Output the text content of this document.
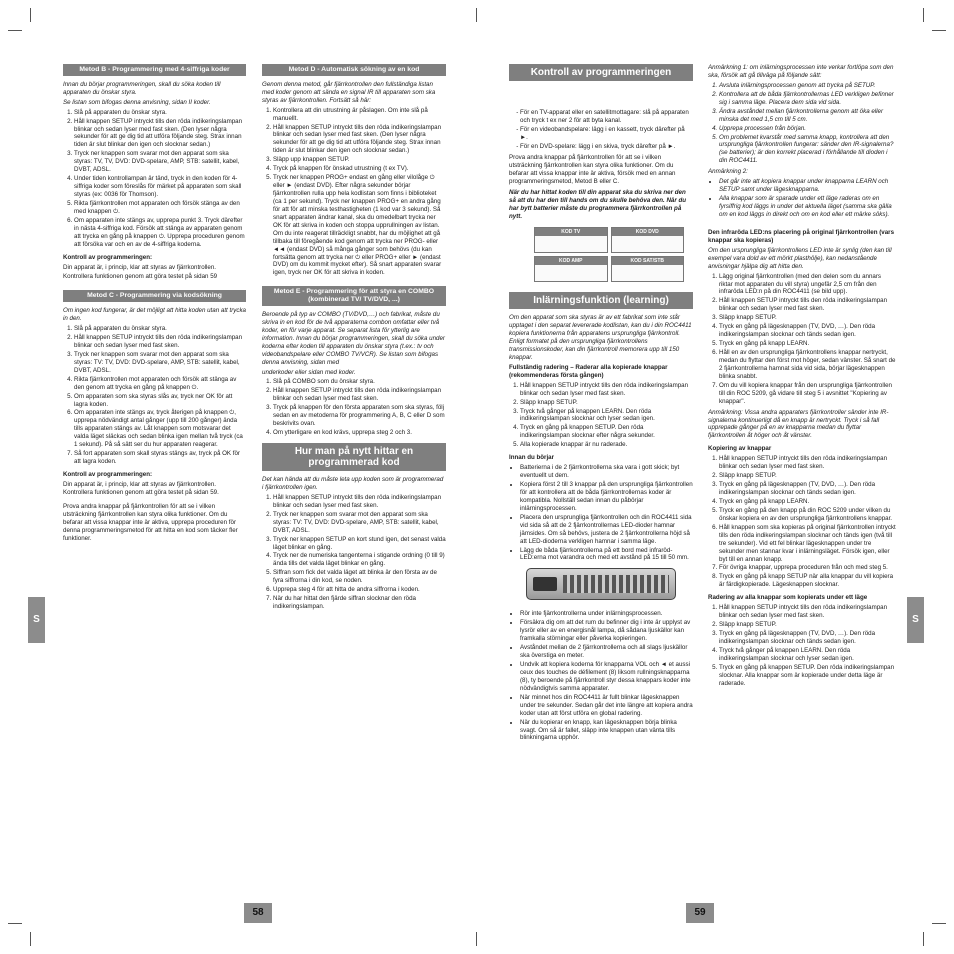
S	S
58	59
Metod B - Programmering med 4-siffriga koder

Innan du börjar programmeringen, skall du söka koden till apparaten du önskar styra.

Se listan som bifogas denna anvisning, sidan II koder.

1. Slå på apparaten du önskar styra.
2. Håll knappen SETUP intryckt tills den röda indikeringslampan blinkar och sedan lyser med fast sken. (Den lyser några sekunder för att ge dig tid att utföra följande steg. Strax innan tiden är slut blinkar den igen och slocknar sedan.)
3. Tryck ner knappen som svarar mot den apparat som ska styras: TV, TV, DVD: DVD-spelare, AMP, STB: satellit, kabel, DVBT, ADSL.
4. Under tiden kontrollampan är tänd, tryck in den koden för 4-siffriga koder som föreslås för märket på apparaten som skall styras (ex: 0036 för Thomson).
5. Rikta fjärrkontrollen mot apparaten och försök stänga av den med knappen ⏻.
6. Om apparaten inte stängs av, upprepa punkt 3. Tryck därefter in nästa 4-siffriga kod. Försök att stänga av apparaten genom att trycka en gång på knappen ⏻. Upprepa proceduren genom att försöka var och en av de 4-siffriga koderna.

Kontroll av programmeringen:

Din apparat är, i princip, klar att styras av fjärrkontrollen.

Kontrollera funktionen genom att göra testet på sidan 59

Metod C - Programmering via kodsökning

Om ingen kod fungerar, är det möjligt att hitta koden utan att trycka in den.

1. Slå på apparaten du önskar styra.
2. Håll knappen SETUP intryckt tills den röda indikeringslampan blinkar och sedan lyser med fast sken.
3. Tryck ner knappen som svarar mot den apparat som ska styras: TV: TV, DVD: DVD-spelare, AMP, STB: satellit, kabel, DVBT, ADSL.
4. Rikta fjärrkontrollen mot apparaten och försök att stänga av den genom att trycka en gång på knappen ⏻.
5. Om apparaten som ska styras slås av, tryck ner OK för att lagra koden.
6. Om apparaten inte stängs av, tryck återigen på knappen ⏻, upprepa nödvändigt antal gånger (upp till 200 gånger) ända tills apparaten stängs av. Låt knappen som motsvarar det valda läget släckas och sedan blinka igen mellan två tryck (ca 1 sekund). På så sätt ser du hur apparaten reagerar.
7. Så fort apparaten som skall styras stängs av, tryck på OK för att lagra koden.

Kontroll av programmeringen:

Din apparat är, i princip, klar att styras av fjärrkontrollen. Kontrollera funktionen genom att göra testet på sidan 59.

Prova andra knappar på fjärrkontrollen för att se i vilken utsträckning fjärrkontrollen kan styra olika funktioner. Om du befarar att vissa knappar inte är aktiva, upprepa proceduren för denna programmeringsmetod för att hitta en kod som täcker fler funktioner.

Metod D - Automatisk sökning av en kod

Genom denna metod, går fjärrkontrollen den fullständiga listan med koder genom att sända en signal IR till apparaten som ska styras av fjärrkontrollen. Fortsätt så här:

1. Kontrollera att din utrustning är påslagen. Om inte slå på manuellt.
2. Håll knappen SETUP intryckt tills den röda indikeringslampan blinkar och sedan lyser med fast sken. (Den lyser några sekunder för att ge dig tid att utföra följande steg. Strax innan tiden är slut blinkar den igen och slocknar sedan.)
3. Släpp upp knappen SETUP.
4. Tryck på knappen för önskad utrustning (t ex TV).
5. Tryck ner knappen PROG+ endast en gång eller vilolåge ⏻ eller ► (endast DVD). Efter några sekunder börjar fjärrkontrollen rulla upp hela kodlistan som finns i biblioteket (ca 1 per sekund). Tryck ner knappen PROG+ en andra gång för att för att minska testhastigheten (1 kod var 3 sekund). Så snart apparaten ändrar kanal, ska du omedelbart trycka ner OK för att skriva in koden och stoppa upprullningen av listan. Om du inte reagerat tillräckligt snabbt, har du möjlighet att gå tillbaka till föregående kod genom att trycka ner PROG- eller ◄◄ (endast DVD) så många gånger som behövs (du kan fortsätta genom att trycka ner ⏻ eller PROG+ eller ► (endast DVD) om du kommit mycket efter). Så snart apparaten svarar igen, tryck ner OK för att skriva in koden.
Metod E - Programmering för att styra en COMBO (kombinerad TV/ TV/DVD, ...)

Beroende på typ av COMBO (TV/DVD,…) och fabrikat, måste du skriva in en kod för de två apparaterna combon omfattar eller två koder, en för varje apparat. Se separat lista för ytterlig are information. Innan du börjar programmeringen, skall du söka under koderna efter koden till apparaten du önskar styra (t.ex.: tv och videobandspelare eller COMBO TV/VCR). Se listan som bifogas denna anvisning, sidan med

underkoder eller sidan med koder.

1. Slå på COMBO som du önskar styra.
2. Håll knappen SETUP intryckt tills den röda indikeringslampan blinkar och sedan lyser med fast sken.
3. Tryck på knappen för den första apparaten som ska styras, följ sedan en av metoderna för programmering A, B, C eller D som beskrivits ovan.
4. Om ytterligare en kod krävs, upprepa steg 2 och 3.
Hur man på nytt hittar en programmerad kod

Det kan hända att du måste leta upp koden som är programmerad i fjärrkontrollen igen.

1. Håll knappen SETUP intryckt tills den röda indikeringslampan blinkar och sedan lyser med fast sken.
2. Tryck ner knappen som svarar mot den apparat som ska styras: TV: TV, DVD: DVD-spelare, AMP, STB: satellit, kabel, DVBT, ADSL.
3. Tryck ner knappen SETUP en kort stund igen, det senast valda läget blinkar en gång.
4. Tryck ner de numeriska tangenterna i stigande ordning (0 till 9) ända tills det valda läget blinkar en gång.
5. Siffran som fick det valda läget att blinka är den första av de fyra siffrorna i din kod, se noden.
6. Upprepa steg 4 för att hitta de andra siffrorna i koden.
7. När du har hittat den fjärde siffran slocknar den röda indikeringslampan.
Kontroll av programmeringen
- För en TV-apparat eller en satellitmottagare: slå på apparaten och tryck t ex ner 2 för att byta kanal.
- För en videobandspelare: lägg i en kassett, tryck därefter på ►.
- För en DVD-spelare: lägg i en skiva, tryck därefter på ►.

Prova andra knappar på fjärrkontrollen för att se i vilken utsträckning fjärrkontrollen kan styra olika funktioner. Om du befarar att vissa knappar inte är aktiva, försök med en annan programmeringsmetod, Metod B eller C.

När du har hittat koden till din apparat ska du skriva ner den så att du har den till hands om du skulle behöva den. När du har bytt batterier måste du programmera fjärrkontrollen på nytt.

KOD TV	KOD DVD
KOD AMP	KOD SAT/STB
Inlärningsfunktion (learning)

Om den apparat som ska styras är av ett fabrikat som inte står upptaget i den separat levererade kodlistan, kan du i din ROC4411 kopiera funktionerna från apparatens ursprungliga fjärrkontroll. Enligt formatet på den ursprungliga fjärrkontrollens transmissionskoder, kan din fjärrkontroll memorera upp till 150 knappar.

Fullständig radering – Raderar alla kopierade knappar (rekommenderas första gången)

1. Håll knappen SETUP intryckt tills den röda indikeringslampan blinkar och sedan lyser med fast sken.
2. Släpp knapp SETUP.
3. Tryck två gånger på knappen LEARN. Den röda indikeringslampan slocknar och lyser sedan igen.
4. Tryck en gång på knappen SETUP. Den röda indikeringslampan slocknar efter några sekunder.
5. Alla kopierade knappar är nu raderade.

Innan du börjar

• Batterierna i de 2 fjärrkontrollerna ska vara i gott skick; byt eventuellt ut dem.
• Kopiera först 2 till 3 knappar på den ursprungliga fjärrkontrollen för att kontrollera att de båda fjärrkontrollernas koder är kompatibla. Nollställ sedan innan du påbörjar inlärningsprocessen.
• Placera den ursprungliga fjärrkontrollen och din ROC4411 sida vid sida så att de 2 fjärrkontrollernas LED-dioder hamnar jämsides. Om så behövs, justera de 2 fjärrkontrollerna höjd så att LED-dioderna verkligen hamnar i samma läge.
• Lägg de båda fjärrkontrollerna på ett bord med infraröd-LED:erna mot varandra och med ett avstånd på 15 till 50 mm.
• Rör inte fjärrkontrollerna under inlärningsprocessen.
• Försäkra dig om att det rum du befinner dig i inte är upplyst av lysrör eller av en energisnål lampa, då sådana ljuskällor kan framkalla störningar eller påverka kopieringen.
• Avståndet mellan de 2 fjärrkontrollerna och all slags ljuskällor ska överstiga en meter.
• Undvik att kopiera koderna för knapparna VOL och ◄ et aussi ceux des touches de défilement (8) liksom rullningsknapparna (8), ty beroende på fjärrkontroll styr dessa knappars koder inte nödvändigtvis samma apparater.
• När minnet hos din ROC4411 är fullt blinkar lägesknappen under tre sekunder. Sedan går det inte längre att kopiera andra koder utan att först utföra en global radering.
• När du kopierar en knapp, kan lägesknappen börja blinka svagt. Om så är fallet, släpp inte knappen utan vänta tills blinkningarna upphör.

Anmärkning 1: om inlärningsprocessen inte verkar fortlöpa som den ska, försök att gå tillväga på följande sätt:

1. Avsluta inlärningsprocessen genom att trycka på SETUP.
2. Kontrollera att de båda fjärrkontrollernas LED verkligen befinner sig i samma läge. Placera dem sida vid sida.
3. Ändra avståndet mellan fjärrkontrollerna genom att öka eller minska det med 1,5 cm till 5 cm.
4. Upprepa processen från början.
5. Om problemet kvarstår med samma knapp, kontrollera att den ursprungliga fjärrkontrollen fungerar: sänder den IR-signalerna? (se batterier); är den korrekt placerad i förhållande till dioden i din ROC4411.

Anmärkning 2:

• Det går inte att kopiera knappar under knapparna LEARN och SETUP samt under lägesknapparna.
• Alla knappar som är sparade under ett läge raderas om en fyrsiffrig kod läggs in under det aktuella läget (samma ska gälla om en kod läggs in direkt och om en kod eller ett märke söks).

Den infraröda LED:ns placering på original fjärrkontrollen (vars knappar ska kopieras)

Om den ursprungliga fjärrkontrollens LED inte är synlig (den kan till exempel vara dold av ett mörkt plasthölje), kan nedanstående anvisningar hjälpa dig att hitta den.

1. Lägg original fjärrkontrollen (med den delen som du annars riktar mot apparaten du vill styra) ungefär 2,5 cm från den infraröda LED:n på din ROC4411 (se bild upp).
2. Håll knappen SETUP intryckt tills den röda indikeringslampan blinkar och sedan lyser med fast sken.
3. Släpp knapp SETUP.
4. Tryck en gång på lägesknappen (TV, DVD, …). Den röda indikeringslampan slocknar och tänds sedan igen.
5. Tryck en gång på knapp LEARN.
6. Håll en av den ursprungliga fjärrkontrollens knappar nertryckt, medan du flyttar den först mot höger, sedan vänster. Så snart de 2 fjärrkontrollerna hamnat sida vid sida, börjar lägesknappen blinka snabbt.
7. Om du vill kopiera knappar från den ursprungliga fjärrkontrollen till din ROC 5209, gå vidare till steg 5 i avsnittet "Kopiering av knappar".

Anmärkning: Vissa andra apparaters fjärrkontroller sänder inte IR-signalerna kontinuerligt då en knapp är nertryckt. Tryck i så fall upprepade gånger på en av knapparna medan du flyttar fjärrkontrollen åt höger och åt vänster.

Kopiering av knappar

1. Håll knappen SETUP intryckt tills den röda indikeringslampan blinkar och sedan lyser med fast sken.
2. Släpp knapp SETUP.
3. Tryck en gång på lägesknappen (TV, DVD, …). Den röda indikeringslampan slocknar och tänds sedan igen.
4. Tryck en gång på knapp LEARN.
5. Tryck en gång på den knapp på din ROC 5209 under vilken du önskar kopiera en av den ursprungliga fjärrkontrollens knappar.
6. Håll knappen som ska kopieras på original fjärrkontrollen intryckt tills den röda indikeringslampan slocknar och tänds igen (två till tre sekunder). Vid ett fel blinkar lägesknappen under tre sekunder men stannar kvar i inlärningsläget. Försök igen, eller byt till en annan knapp.
7. För övriga knappar, upprepa proceduren från och med steg 5.
8. Tryck en gång på knapp SETUP när alla knappar du vill kopiera är färdigkopierade. Lägesknappen slocknar.

Radering av alla knappar som kopierats under ett läge

1. Håll knappen SETUP intryckt tills den röda indikeringslampan blinkar och sedan lyser med fast sken.
2. Släpp knapp SETUP.
3. Tryck en gång på lägesknappen (TV, DVD, …). Den röda indikeringslampan slocknar och tänds sedan igen.
4. Tryck två gånger på knappen LEARN. Den röda indikeringslampan slocknar och lyser sedan igen.
5. Tryck en gång på knappen SETUP. Den röda indikeringslampan slocknar. Alla knappar som är kopierade under detta läge är raderade.
